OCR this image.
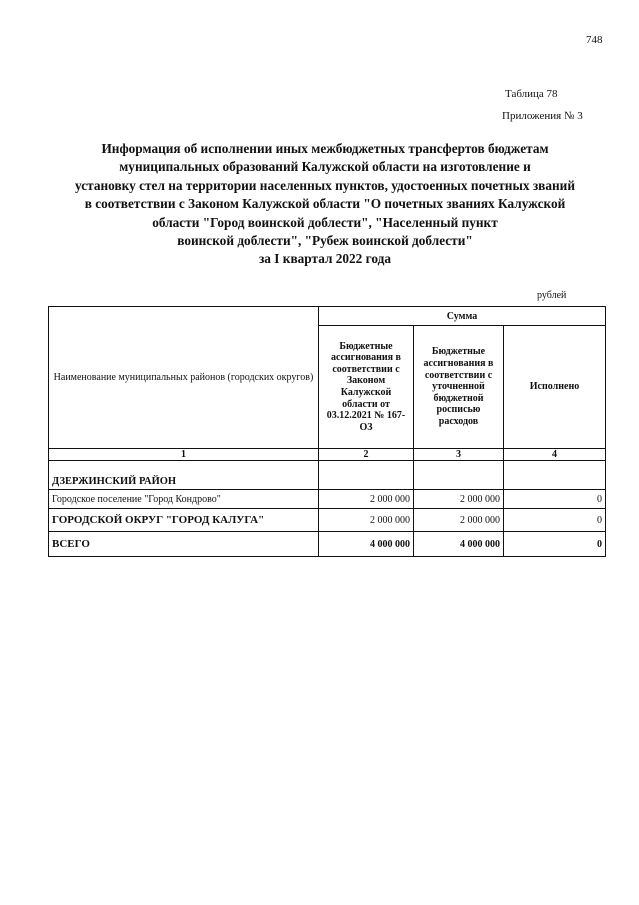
748
Таблица 78
Приложения № 3
Информация об исполнении иных межбюджетных трансфертов бюджетам
муниципальных образований Калужской области на изготовление и
установку стел на территории населенных пунктов, удостоенных почетных званий
в соответствии с Законом Калужской области "О почетных званиях Калужской
области "Город воинской доблести", "Населенный пункт
воинской доблести", "Рубеж воинской доблести"
за I квартал 2022 года
рублей
Наименование муниципальных районов (городских округов)	Сумма		
	Бюджетные ассигнования в соответствии с Законом Калужской области от 03.12.2021 № 167-ОЗ	Бюджетные ассигнования в соответствии с уточненной бюджетной росписью расходов	Исполнено
1	2	3	4
ДЗЕРЖИНСКИЙ РАЙОН			
Городское поселение "Город Кондрово"	2 000 000	2 000 000	0
ГОРОДСКОЙ ОКРУГ "ГОРОД КАЛУГА"	2 000 000	2 000 000	0
ВСЕГО	4 000 000	4 000 000	0
